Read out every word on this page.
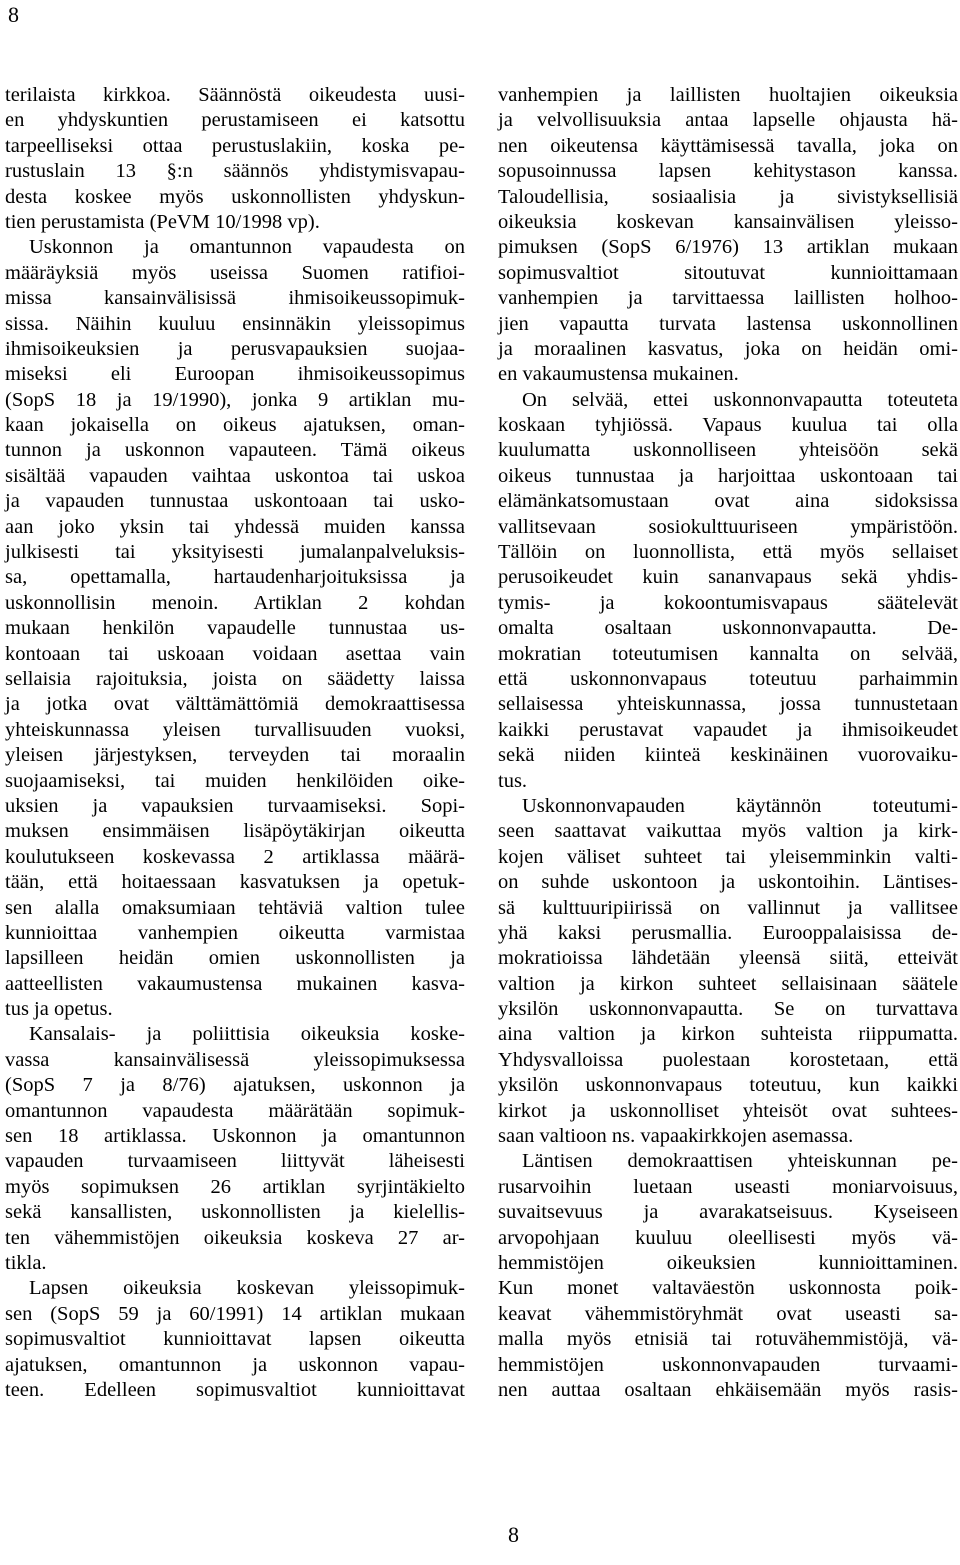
8
terilaista kirkkoa. Säännöstä oikeudesta uusi-
en yhdyskuntien perustamiseen ei katsottu
tarpeelliseksi ottaa perustuslakiin, koska pe-
rustuslain 13 §:n säännös yhdistymisvapau-
desta koskee myös uskonnollisten yhdyskun-
tien perustamista (PeVM 10/1998 vp).
Uskonnon ja omantunnon vapaudesta on
määräyksiä myös useissa Suomen ratifioi-
missa kansainvälisissä ihmisoikeussopimuk-
sissa. Näihin kuuluu ensinnäkin yleissopimus
ihmisoikeuksien ja perusvapauksien suojaa-
miseksi eli Euroopan ihmisoikeussopimus
(SopS 18 ja 19/1990), jonka 9 artiklan mu-
kaan jokaisella on oikeus ajatuksen, oman-
tunnon ja uskonnon vapauteen. Tämä oikeus
sisältää vapauden vaihtaa uskontoa tai uskoa
ja vapauden tunnustaa uskontoaan tai usko-
aan joko yksin tai yhdessä muiden kanssa
julkisesti tai yksityisesti jumalanpalveluksis-
sa, opettamalla, hartaudenharjoituksissa ja
uskonnollisin menoin. Artiklan 2 kohdan
mukaan henkilön vapaudelle tunnustaa us-
kontoaan tai uskoaan voidaan asettaa vain
sellaisia rajoituksia, joista on säädetty laissa
ja jotka ovat välttämättömiä demokraattisessa
yhteiskunnassa yleisen turvallisuuden vuoksi,
yleisen järjestyksen, terveyden tai moraalin
suojaamiseksi, tai muiden henkilöiden oike-
uksien ja vapauksien turvaamiseksi. Sopi-
muksen ensimmäisen lisäpöytäkirjan oikeutta
koulutukseen koskevassa 2 artiklassa määrä-
tään, että hoitaessaan kasvatuksen ja opetuk-
sen alalla omaksumiaan tehtäviä valtion tulee
kunnioittaa vanhempien oikeutta varmistaa
lapsilleen heidän omien uskonnollisten ja
aatteellisten vakaumustensa mukainen kasva-
tus ja opetus.
Kansalais- ja poliittisia oikeuksia koske-
vassa kansainvälisessä yleissopimuksessa
(SopS 7 ja 8/76) ajatuksen, uskonnon ja
omantunnon vapaudesta määrätään sopimuk-
sen 18 artiklassa. Uskonnon ja omantunnon
vapauden turvaamiseen liittyvät läheisesti
myös sopimuksen 26 artiklan syrjintäkielto
sekä kansallisten, uskonnollisten ja kielellis-
ten vähemmistöjen oikeuksia koskeva 27 ar-
tikla.
Lapsen oikeuksia koskevan yleissopimuk-
sen (SopS 59 ja 60/1991) 14 artiklan mukaan
sopimusvaltiot kunnioittavat lapsen oikeutta
ajatuksen, omantunnon ja uskonnon vapau-
teen. Edelleen sopimusvaltiot kunnioittavat
vanhempien ja laillisten huoltajien oikeuksia
ja velvollisuuksia antaa lapselle ohjausta hä-
nen oikeutensa käyttämisessä tavalla, joka on
sopusoinnussa lapsen kehitystason kanssa.
Taloudellisia, sosiaalisia ja sivistyksellisiä
oikeuksia koskevan kansainvälisen yleisso-
pimuksen (SopS 6/1976) 13 artiklan mukaan
sopimusvaltiot sitoutuvat kunnioittamaan
vanhempien ja tarvittaessa laillisten holhoo-
jien vapautta turvata lastensa uskonnollinen
ja moraalinen kasvatus, joka on heidän omi-
en vakaumustensa mukainen.
On selvää, ettei uskonnonvapautta toteuteta
koskaan tyhjiössä. Vapaus kuulua tai olla
kuulumatta uskonnolliseen yhteisöön sekä
oikeus tunnustaa ja harjoittaa uskontoaan tai
elämänkatsomustaan ovat aina sidoksissa
vallitsevaan sosiokulttuuriseen ympäristöön.
Tällöin on luonnollista, että myös sellaiset
perusoikeudet kuin sananvapaus sekä yhdis-
tymis- ja kokoontumisvapaus säätelevät
omalta osaltaan uskonnonvapautta. De-
mokratian toteutumisen kannalta on selvää,
että uskonnonvapaus toteutuu parhaimmin
sellaisessa yhteiskunnassa, jossa tunnustetaan
kaikki perustavat vapaudet ja ihmisoikeudet
sekä niiden kiinteä keskinäinen vuorovaiku-
tus.
Uskonnonvapauden käytännön toteutumi-
seen saattavat vaikuttaa myös valtion ja kirk-
kojen väliset suhteet tai yleisemminkin valti-
on suhde uskontoon ja uskontoihin. Läntises-
sä kulttuuripiirissä on vallinnut ja vallitsee
yhä kaksi perusmallia. Eurooppalaisissa de-
mokratioissa lähdetään yleensä siitä, etteivät
valtion ja kirkon suhteet sellaisinaan säätele
yksilön uskonnonvapautta. Se on turvattava
aina valtion ja kirkon suhteista riippumatta.
Yhdysvalloissa puolestaan korostetaan, että
yksilön uskonnonvapaus toteutuu, kun kaikki
kirkot ja uskonnolliset yhteisöt ovat suhtees-
saan valtioon ns. vapaakirkkojen asemassa.
Läntisen demokraattisen yhteiskunnan pe-
rusarvoihin luetaan useasti moniarvoisuus,
suvaitsevuus ja avarakatseisuus. Kyseiseen
arvopohjaan kuuluu oleellisesti myös vä-
hemmistöjen oikeuksien kunnioittaminen.
Kun monet valtaväestön uskonnosta poik-
keavat vähemmistöryhmät ovat useasti sa-
malla myös etnisiä tai rotuvähemmistöjä, vä-
hemmistöjen uskonnonvapauden turvaami-
nen auttaa osaltaan ehkäisemään myös rasis-
8
